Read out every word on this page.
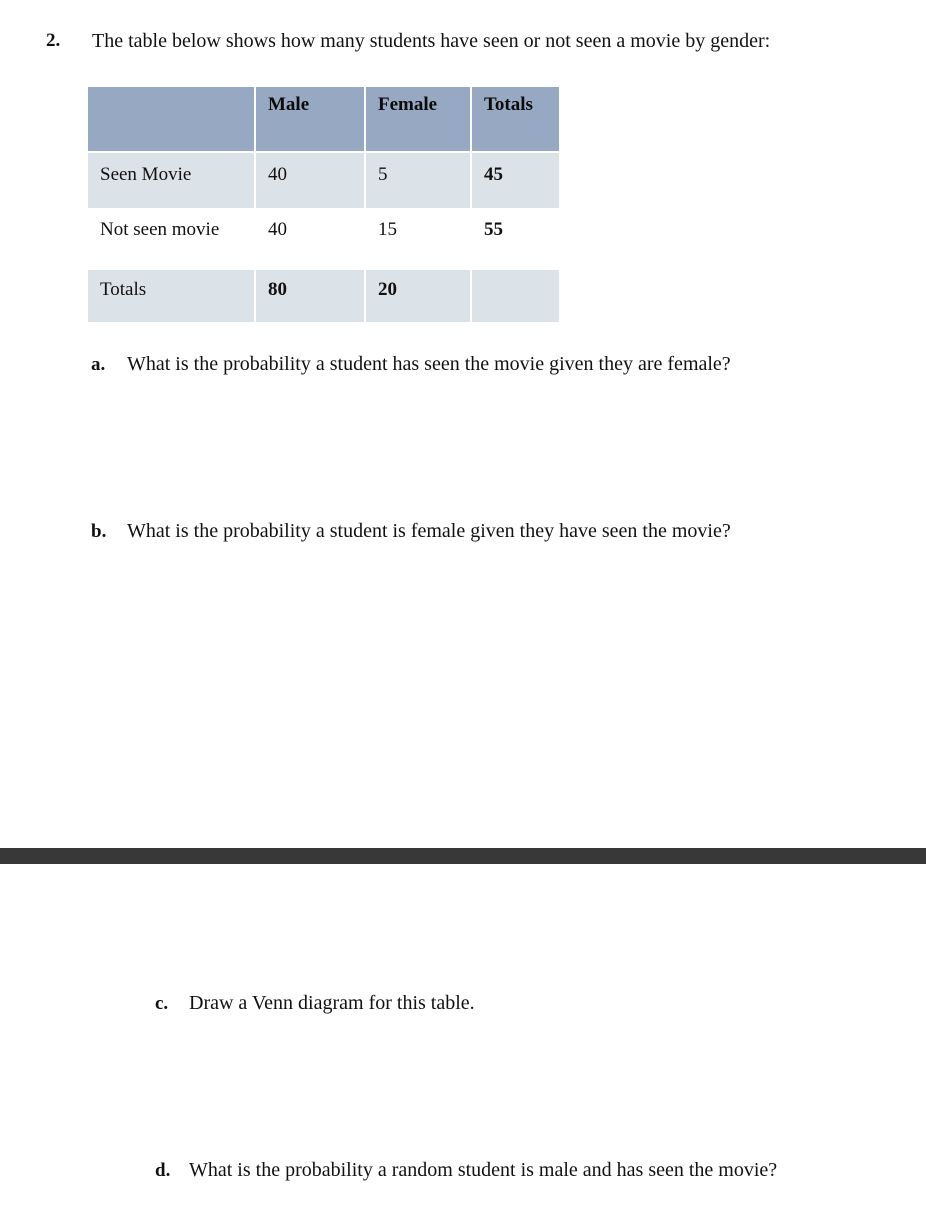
2. The table below shows how many students have seen or not seen a movie by gender:
	Male	Female	Totals
Seen Movie	40	5	45
Not seen movie	40	15	55
Totals	80	20	
a. What is the probability a student has seen the movie given they are female?
b. What is the probability a student is female given they have seen the movie?
c. Draw a Venn diagram for this table.
d. What is the probability a random student is male and has seen the movie?
